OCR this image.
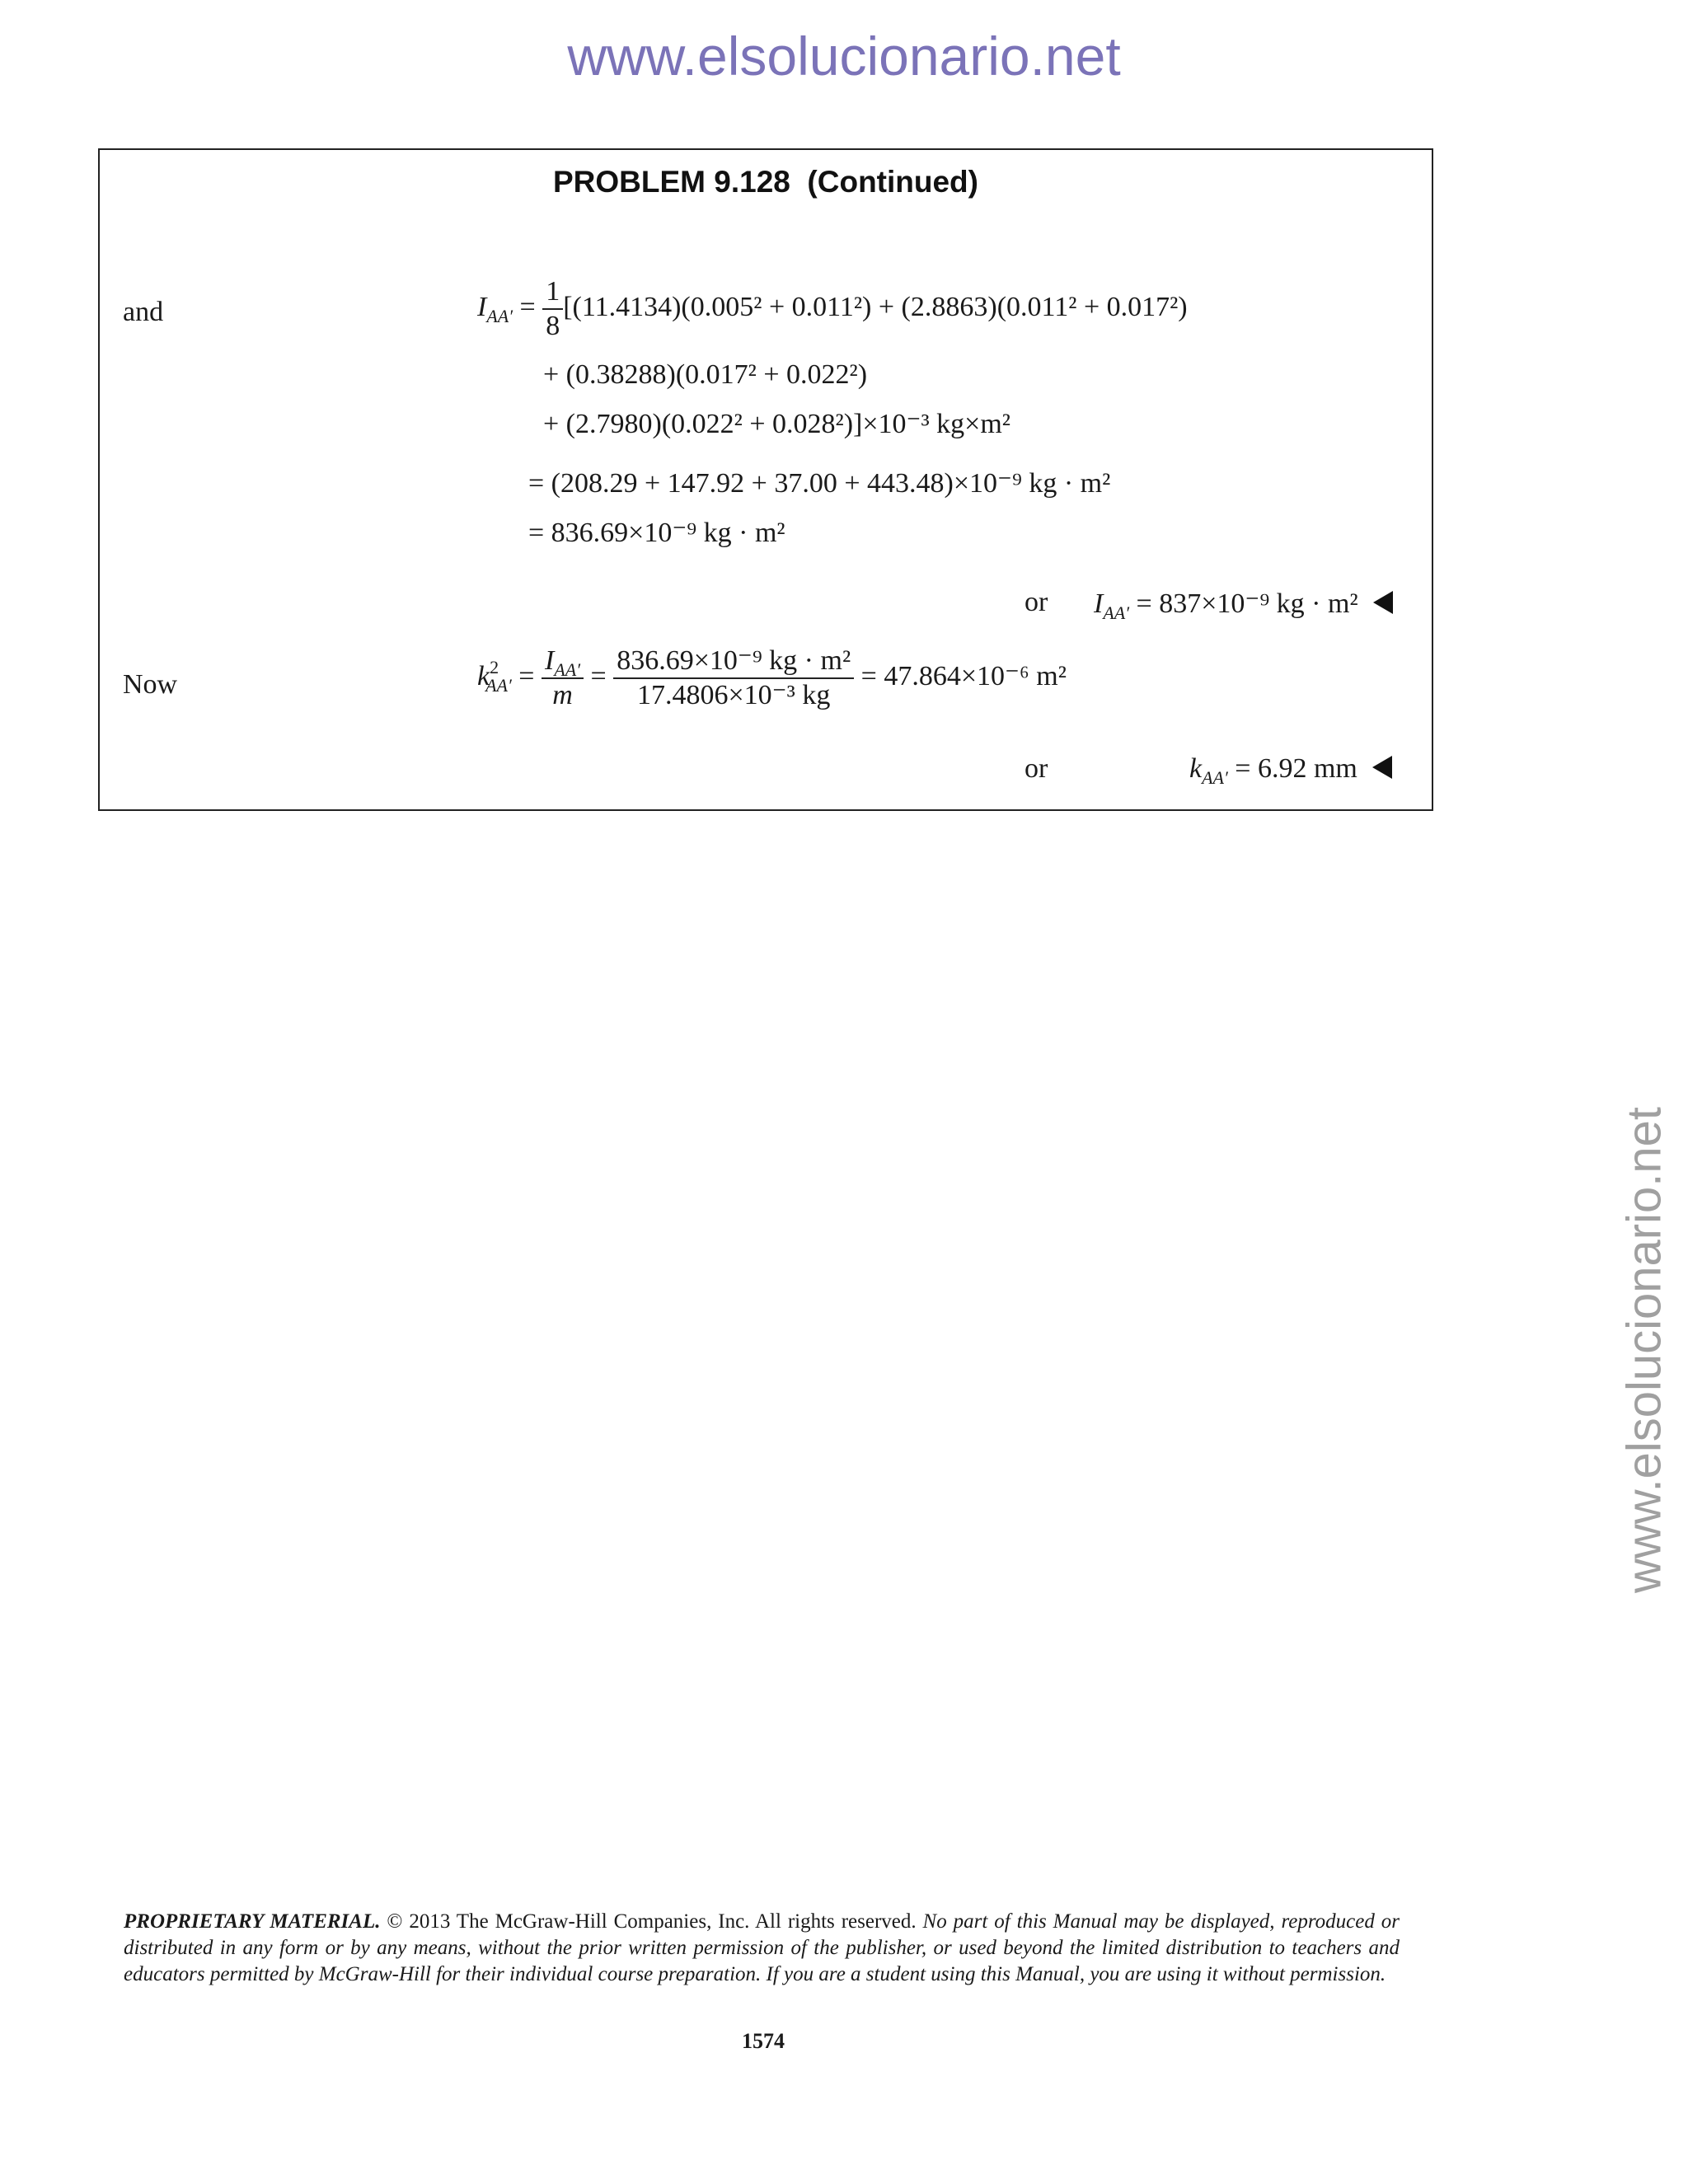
www.elsolucionario.net
www.elsolucionario.net
PROBLEM 9.128  (Continued)
and	$I_{AA'} = \frac{1}{8} [(11.4134)(0.005^2 + 0.011^2) + (2.8863)(0.011^2 + 0.017^2)$
+ (0.38288)(0.017² + 0.022²)
+ (2.7980)(0.022² + 0.028²)]×10⁻³ kg×m²
= (208.29 + 147.92 + 37.00 + 443.48)×10⁻⁹ kg · m²
= 836.69×10⁻⁹ kg · m²
or $I_{AA'} = 837\times 10^{-9}$ kg · m²
Now	$k^2_{AA'} = \frac{I_{AA'}}{m} = \frac{\text{836.69×10⁻⁹ kg · m²}}{\text{17.4806×10⁻³ kg}} = 47.864\times 10^{-6}$ m²
or	$k_{AA'} = 6.92$ mm
PROPRIETARY MATERIAL. © 2013 The McGraw-Hill Companies, Inc. All rights reserved. No part of this Manual may be displayed, reproduced or distributed in any form or by any means, without the prior written permission of the publisher, or used beyond the limited distribution to teachers and educators permitted by McGraw-Hill for their individual course preparation. If you are a student using this Manual, you are using it without permission.
1574
